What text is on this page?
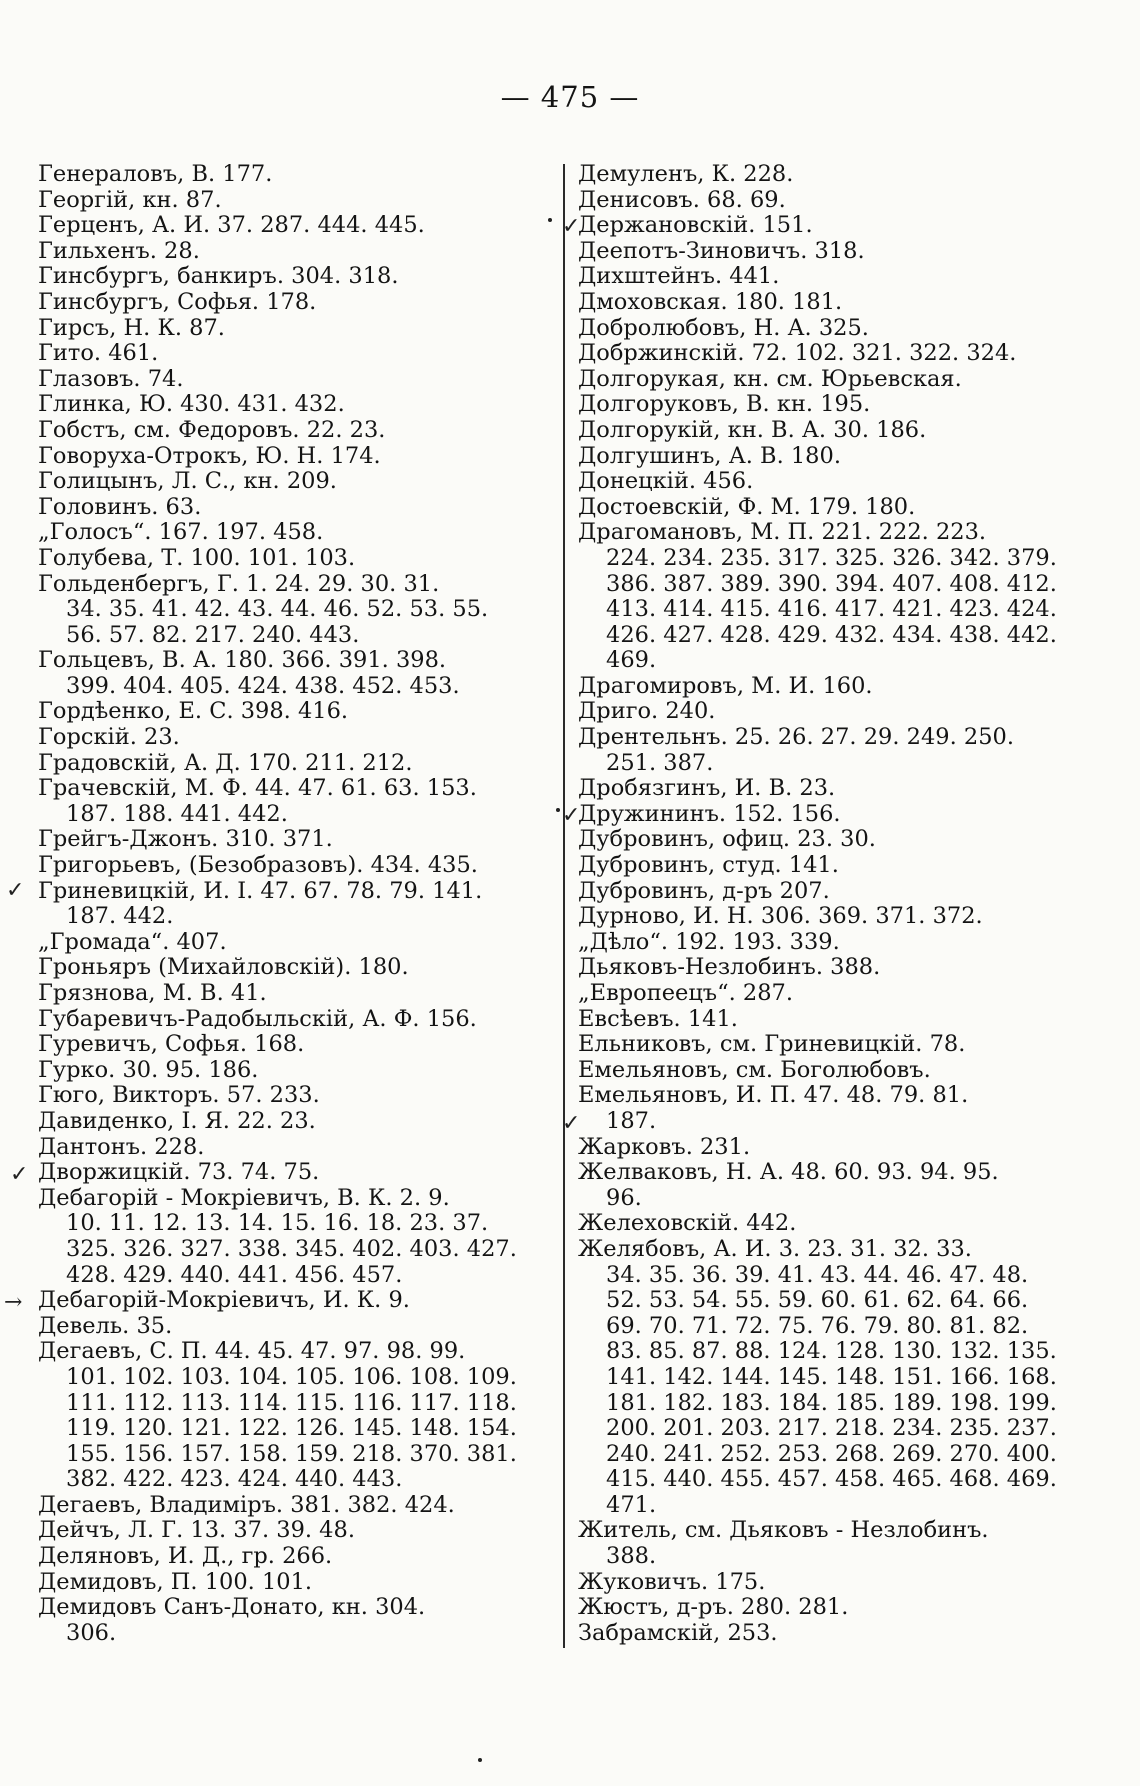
— 475 —
Генераловъ, В. 177.
Георгій, кн. 87.
Герценъ, А. И. 37. 287. 444. 445.
Гильхенъ. 28.
Гинсбургъ, банкиръ. 304. 318.
Гинсбургъ, Софья. 178.
Гирсъ, Н. К. 87.
Гито. 461.
Глазовъ. 74.
Глинка, Ю. 430. 431. 432.
Гобстъ, см. Федоровъ. 22. 23.
Говоруха-Отрокъ, Ю. Н. 174.
Голицынъ, Л. С., кн. 209.
Головинъ. 63.
„Голосъ“. 167. 197. 458.
Голубева, Т. 100. 101. 103.
Гольденбергъ, Г. 1. 24. 29. 30. 31.
34. 35. 41. 42. 43. 44. 46. 52. 53. 55.
56. 57. 82. 217. 240. 443.
Гольцевъ, В. А. 180. 366. 391. 398.
399. 404. 405. 424. 438. 452. 453.
Гордѣенко, Е. С. 398. 416.
Горскій. 23.
Градовскій, А. Д. 170. 211. 212.
Грачевскій, М. Ф. 44. 47. 61. 63. 153.
187. 188. 441. 442.
Грейгъ-Джонъ. 310. 371.
Григорьевъ, (Безобразовъ). 434. 435.
Гриневицкій, И. І. 47. 67. 78. 79. 141.
187. 442.
„Громада“. 407.
Гроньяръ (Михайловскій). 180.
Грязнова, М. В. 41.
Губаревичъ-Радобыльскій, А. Ф. 156.
Гуревичъ, Софья. 168.
Гурко. 30. 95. 186.
Гюго, Викторъ. 57. 233.
Давиденко, І. Я. 22. 23.
Дантонъ. 228.
Дворжицкій. 73. 74. 75.
Дебагорій - Мокріевичъ, В. К. 2. 9.
10. 11. 12. 13. 14. 15. 16. 18. 23. 37.
325. 326. 327. 338. 345. 402. 403. 427.
428. 429. 440. 441. 456. 457.
Дебагорій-Мокріевичъ, И. К. 9.
Девель. 35.
Дегаевъ, С. П. 44. 45. 47. 97. 98. 99.
101. 102. 103. 104. 105. 106. 108. 109.
111. 112. 113. 114. 115. 116. 117. 118.
119. 120. 121. 122. 126. 145. 148. 154.
155. 156. 157. 158. 159. 218. 370. 381.
382. 422. 423. 424. 440. 443.
Дегаевъ, Владиміръ. 381. 382. 424.
Дейчъ, Л. Г. 13. 37. 39. 48.
Деляновъ, И. Д., гр. 266.
Демидовъ, П. 100. 101.
Демидовъ Санъ-Донато, кн. 304.
306.
Демуленъ, К. 228.
Денисовъ. 68. 69.
Держановскій. 151.
Деепотъ-Зиновичъ. 318.
Дихштейнъ. 441.
Дмоховская. 180. 181.
Добролюбовъ, Н. А. 325.
Добржинскій. 72. 102. 321. 322. 324.
Долгорукая, кн. см. Юрьевская.
Долгоруковъ, В. кн. 195.
Долгорукій, кн. В. А. 30. 186.
Долгушинъ, А. В. 180.
Донецкій. 456.
Достоевскій, Ф. М. 179. 180.
Драгомановъ, М. П. 221. 222. 223.
224. 234. 235. 317. 325. 326. 342. 379.
386. 387. 389. 390. 394. 407. 408. 412.
413. 414. 415. 416. 417. 421. 423. 424.
426. 427. 428. 429. 432. 434. 438. 442.
469.
Драгомировъ, М. И. 160.
Дриго. 240.
Дрентельнъ. 25. 26. 27. 29. 249. 250.
251. 387.
Дробязгинъ, И. В. 23.
Дружининъ. 152. 156.
Дубровинъ, офиц. 23. 30.
Дубровинъ, студ. 141.
Дубровинъ, д-ръ 207.
Дурново, И. Н. 306. 369. 371. 372.
„Дѣло“. 192. 193. 339.
Дьяковъ-Незлобинъ. 388.
„Европеецъ“. 287.
Евсѣевъ. 141.
Ельниковъ, см. Гриневицкій. 78.
Емельяновъ, см. Боголюбовъ.
Емельяновъ, И. П. 47. 48. 79. 81.
187.
Жарковъ. 231.
Желваковъ, Н. А. 48. 60. 93. 94. 95.
96.
Желеховскій. 442.
Желябовъ, А. И. 3. 23. 31. 32. 33.
34. 35. 36. 39. 41. 43. 44. 46. 47. 48.
52. 53. 54. 55. 59. 60. 61. 62. 64. 66.
69. 70. 71. 72. 75. 76. 79. 80. 81. 82.
83. 85. 87. 88. 124. 128. 130. 132. 135.
141. 142. 144. 145. 148. 151. 166. 168.
181. 182. 183. 184. 185. 189. 198. 199.
200. 201. 203. 217. 218. 234. 235. 237.
240. 241. 252. 253. 268. 269. 270. 400.
415. 440. 455. 457. 458. 465. 468. 469.
471.
Житель, см. Дьяковъ - Незлобинъ.
388.
Жуковичъ. 175.
Жюстъ, д-ръ. 280. 281.
Забрамскій, 253.
✓
✓
→
✓
✓
✓
